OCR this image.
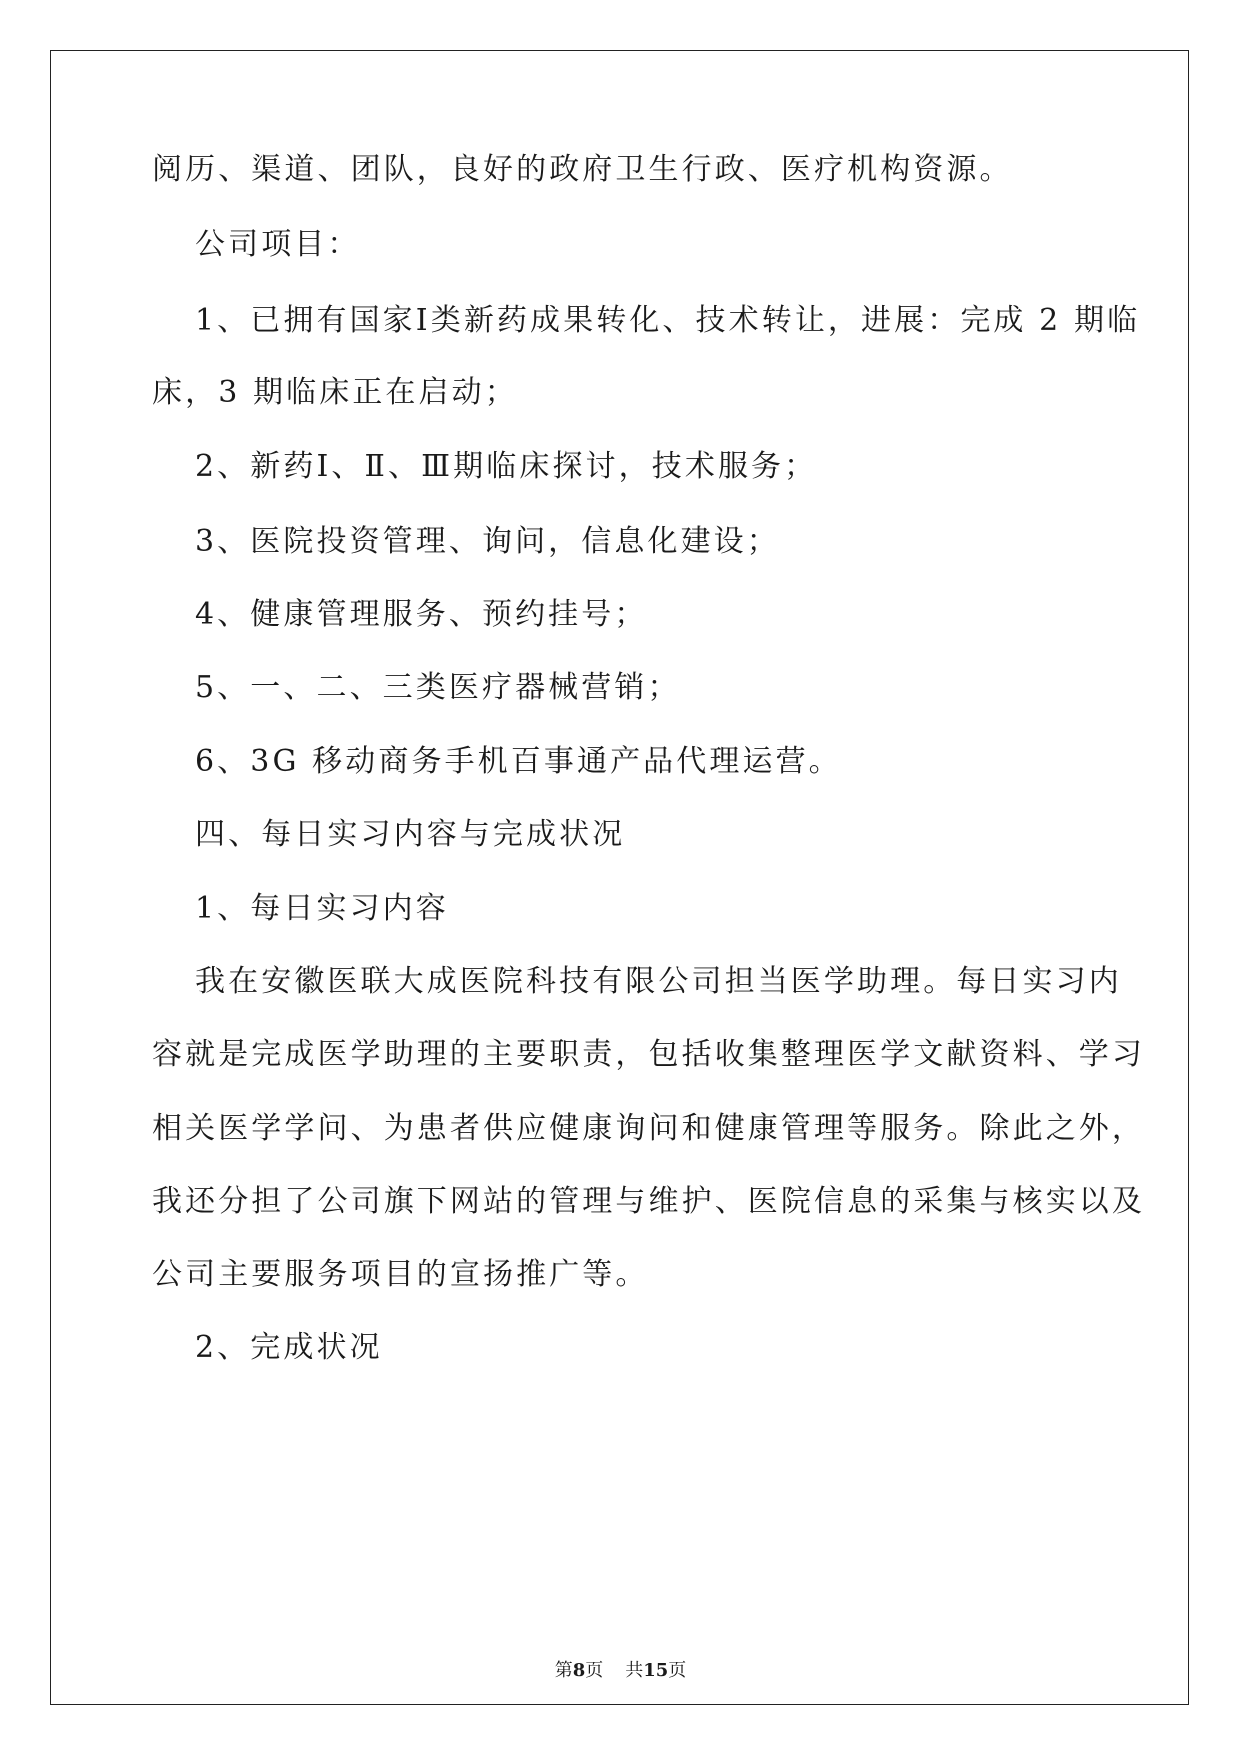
阅历、渠道、团队，良好的政府卫生行政、医疗机构资源。
公司项目：
1、已拥有国家Ⅰ类新药成果转化、技术转让，进展：完成 2 期临
床，3 期临床正在启动；
2、新药Ⅰ、Ⅱ、Ⅲ期临床探讨，技术服务；
3、医院投资管理、询问，信息化建设；
4、健康管理服务、预约挂号；
5、一、二、三类医疗器械营销；
6、3G 移动商务手机百事通产品代理运营。
四、每日实习内容与完成状况
1、每日实习内容
我在安徽医联大成医院科技有限公司担当医学助理。每日实习内
容就是完成医学助理的主要职责，包括收集整理医学文献资料、学习
相关医学学问、为患者供应健康询问和健康管理等服务。除此之外，
我还分担了公司旗下网站的管理与维护、医院信息的采集与核实以及
公司主要服务项目的宣扬推广等。
2、完成状况
第8页 共15页
